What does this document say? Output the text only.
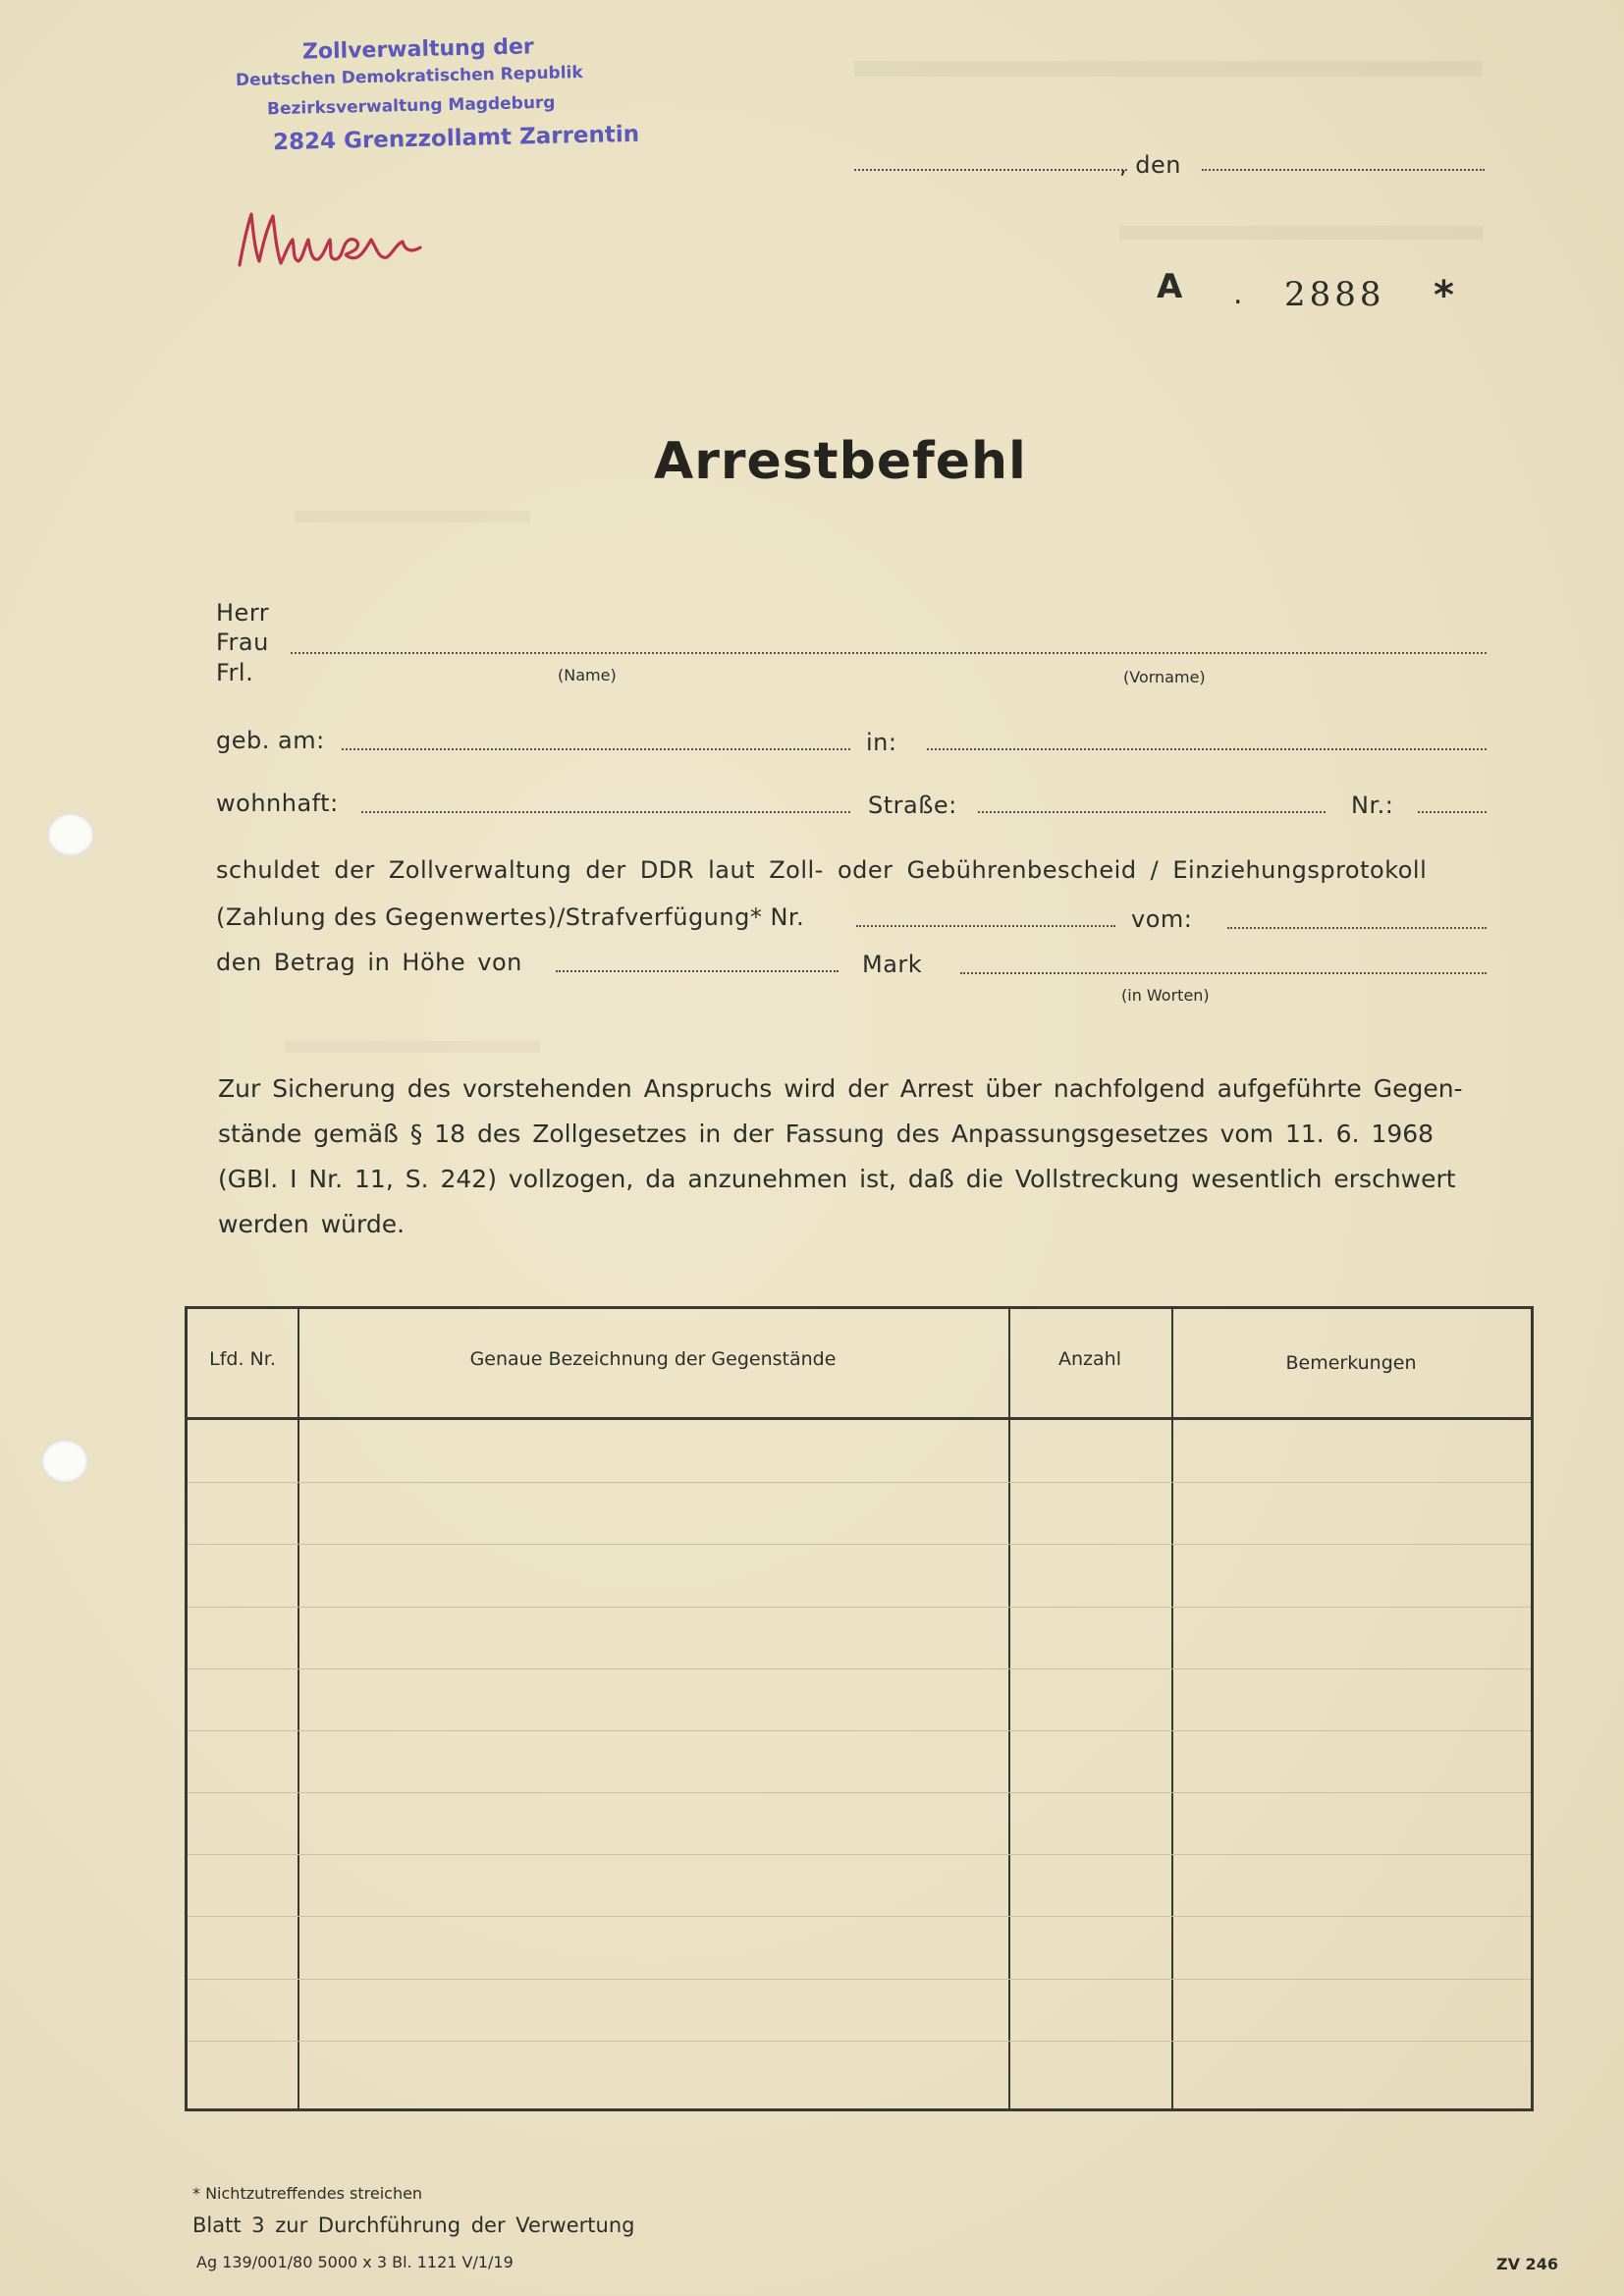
Zollverwaltung der
Deutschen Demokratischen Republik
Bezirksverwaltung Magdeburg
2824 Grenzzollamt Zarrentin
, den
A . 2888 *
Arrestbefehl
Herr
Frau
Frl.	(Name)	(Vorname)
geb. am:	in:
wohnhaft:	Straße:	Nr.:
schuldet der Zollverwaltung der DDR laut Zoll- oder Gebührenbescheid / Einziehungsprotokoll
(Zahlung des Gegenwertes)/Strafverfügung* Nr.	vom:
den Betrag in Höhe von	Mark
(in Worten)
Zur Sicherung des vorstehenden Anspruchs wird der Arrest über nachfolgend aufgeführte Gegen-
stände gemäß § 18 des Zollgesetzes in der Fassung des Anpassungsgesetzes vom 11. 6. 1968
(GBl. I Nr. 11, S. 242) vollzogen, da anzunehmen ist, daß die Vollstreckung wesentlich erschwert
werden würde.
Lfd. Nr.	Genaue Bezeichnung der Gegenstände	Anzahl	Bemerkungen
* Nichtzutreffendes streichen
Blatt 3 zur Durchführung der Verwertung
Ag 139/001/80 5000 x 3 Bl. 1121 V/1/19	ZV 246
